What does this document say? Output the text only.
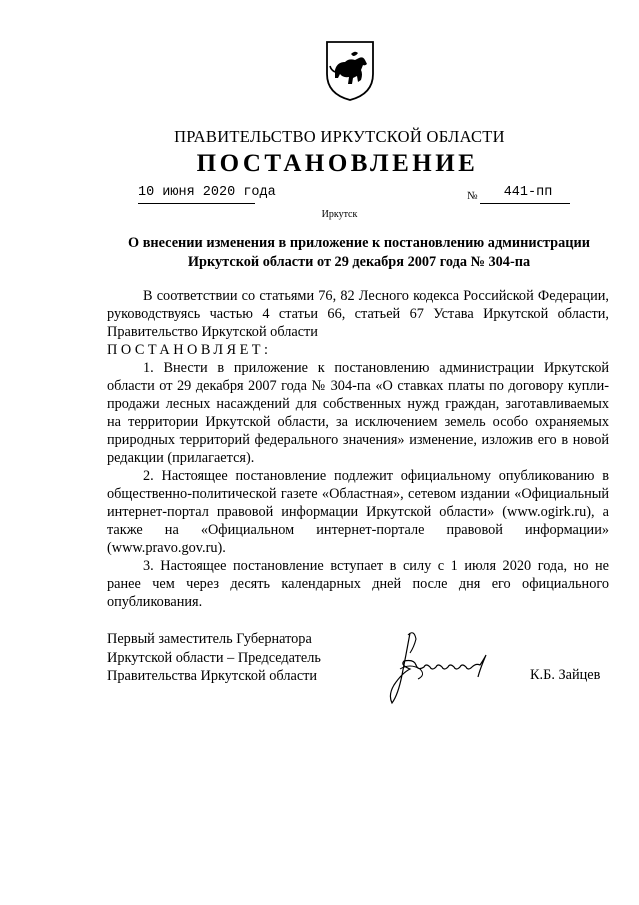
ПРАВИТЕЛЬСТВО ИРКУТСКОЙ ОБЛАСТИ
ПОСТАНОВЛЕНИЕ
10 июня 2020 года	№	441-пп
Иркутск
О внесении изменения в приложение к постановлению администрации
Иркутской области от 29 декабря 2007 года № 304-па

В соответствии со статьями 76, 82 Лесного кодекса Российской Федерации, руководствуясь частью 4 статьи 66, статьей 67 Устава Иркутской области, Правительство Иркутской области

ПОСТАНОВЛЯЕТ:

1. Внести в приложение к постановлению администрации Иркутской области от 29 декабря 2007 года № 304-па «О ставках платы по договору купли-продажи лесных насаждений для собственных нужд граждан, заготавливаемых на территории Иркутской области, за исключением земель особо охраняемых природных территорий федерального значения» изменение, изложив его в новой редакции (прилагается).

2. Настоящее постановление подлежит официальному опубликованию в общественно-политической газете «Областная», сетевом издании «Официальный интернет-портал правовой информации Иркутской области» (www.ogirk.ru), а также на «Официальном интернет-портале правовой информации» (www.pravo.gov.ru).

3. Настоящее постановление вступает в силу с 1 июля 2020 года, но не ранее чем через десять календарных дней после дня его официального опубликования.

Первый заместитель Губернатора
Иркутской области – Председатель
Правительства Иркутской области	К.Б. Зайцев
